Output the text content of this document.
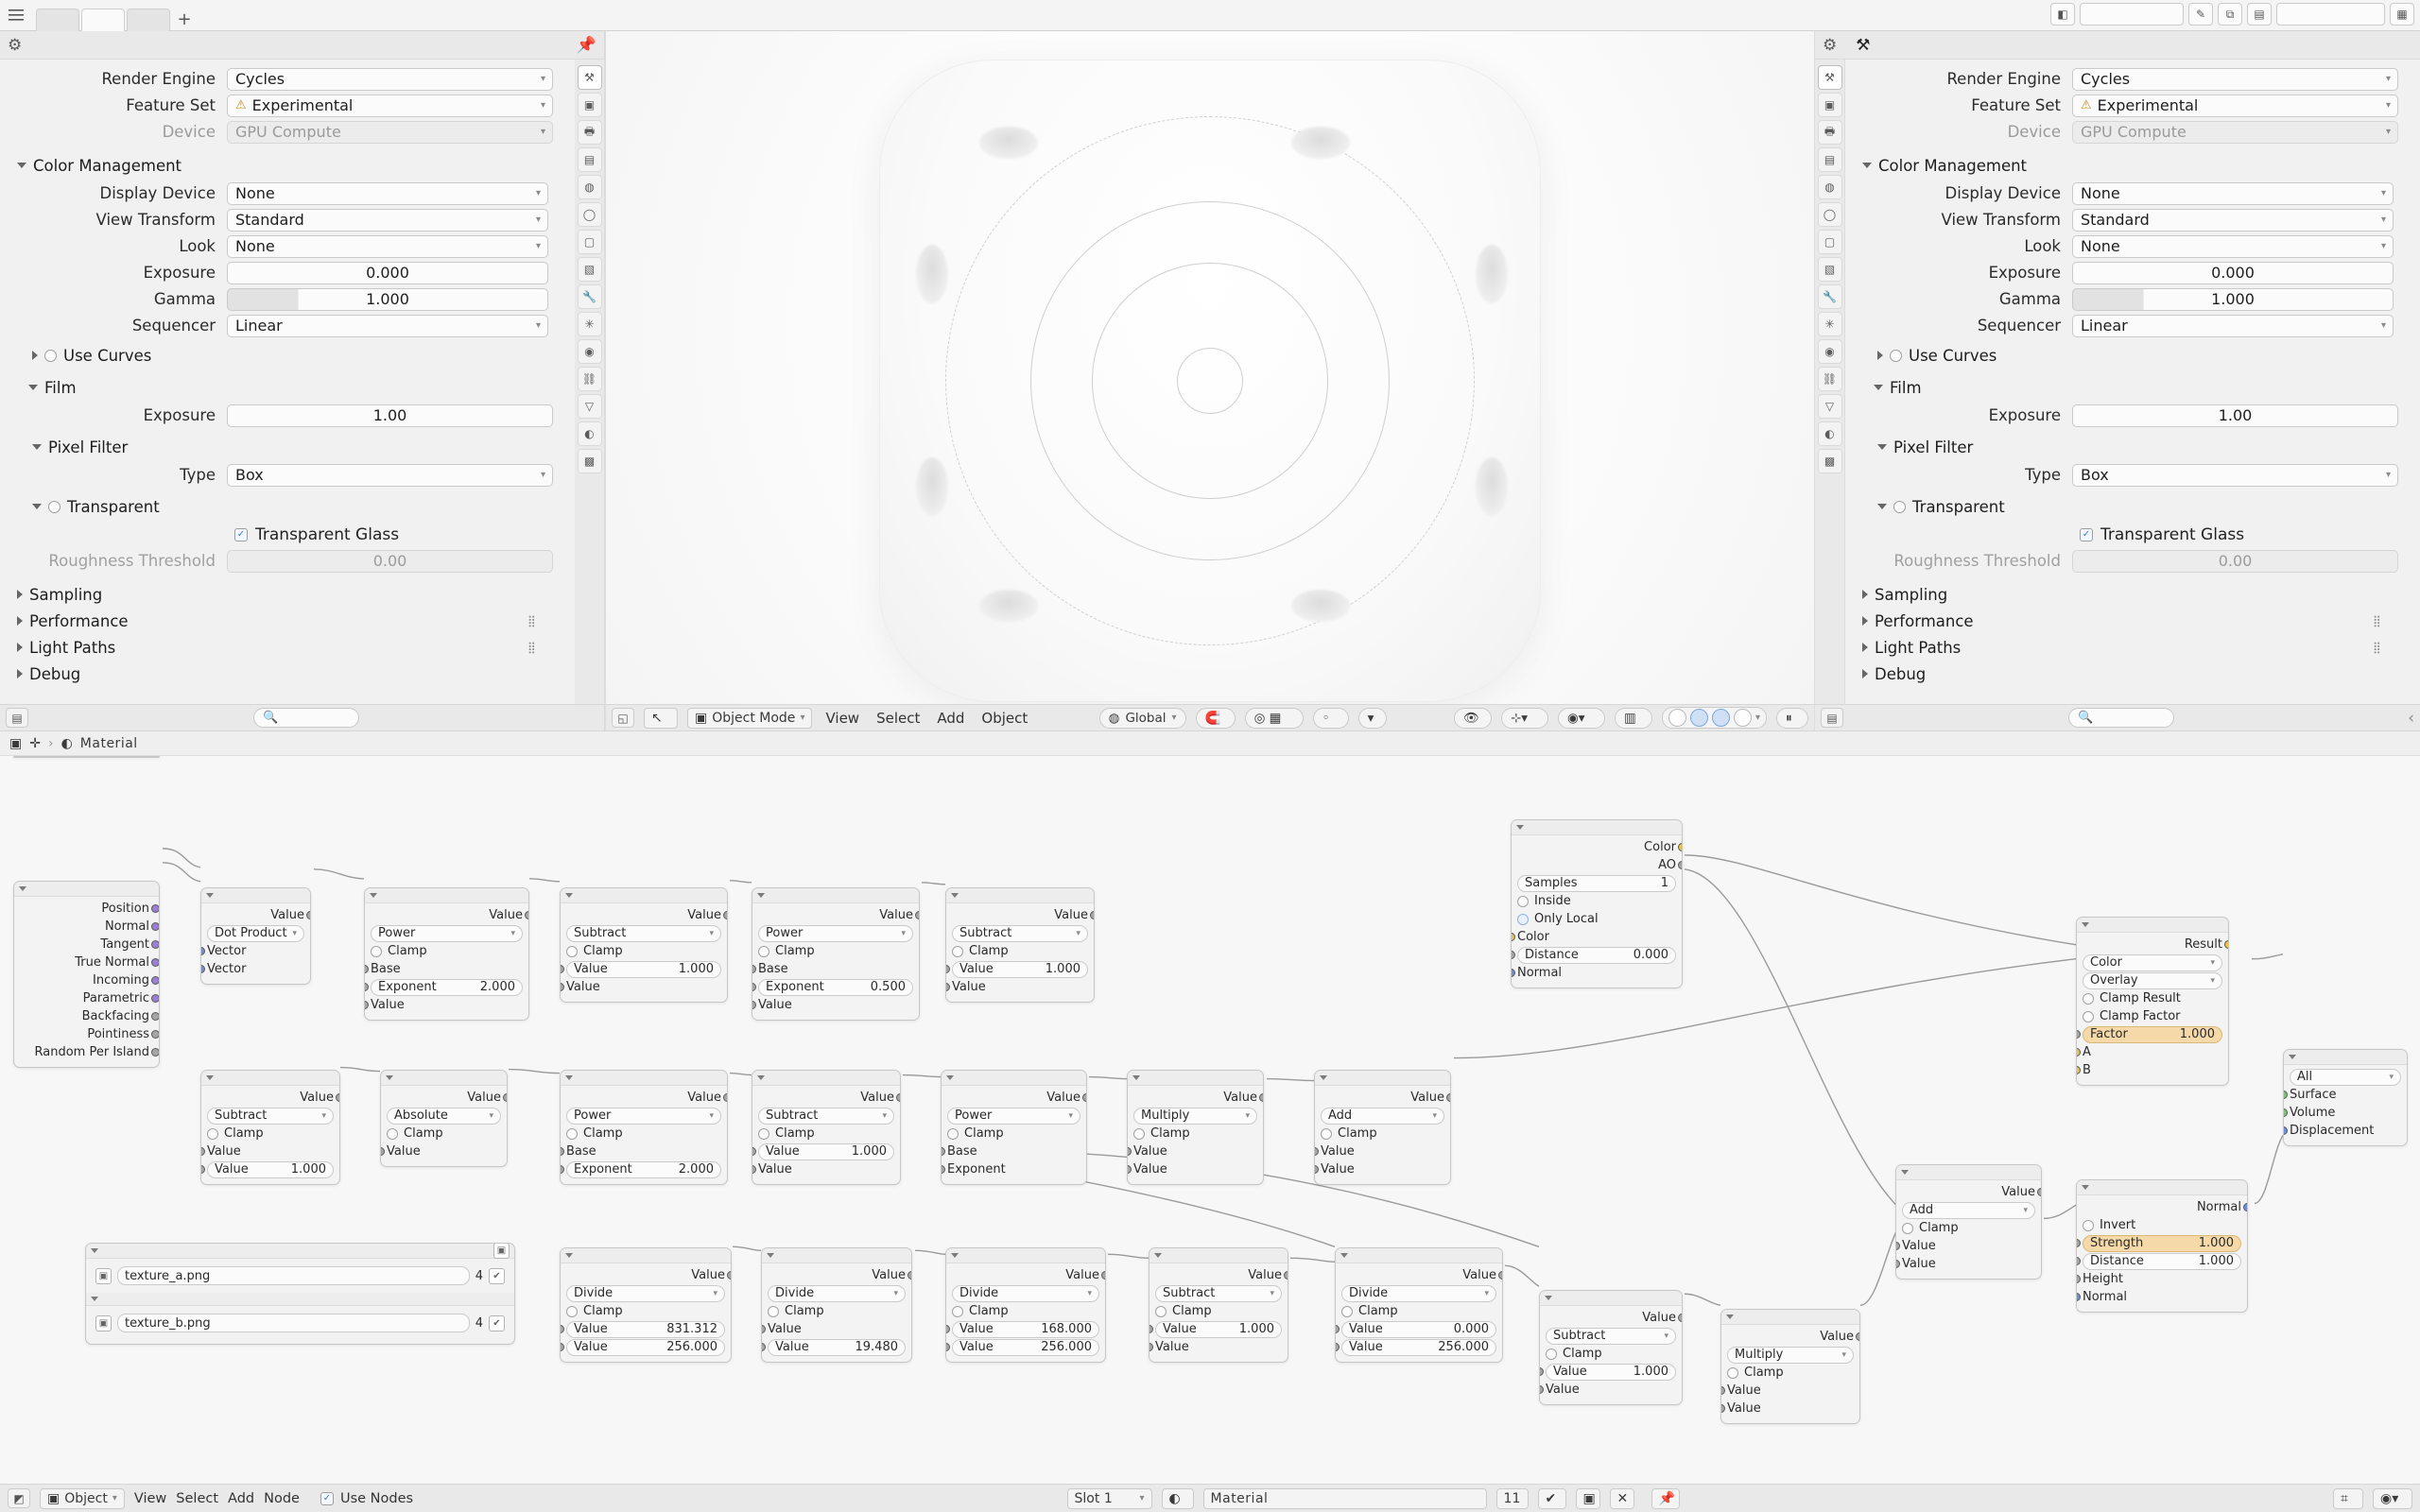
+	◧	✎	⧉	▤	▦
⚙	📌
⚒
▣
🖶
▤
◍
◯
▢
▧
🔧
✳
◉
⛓
▽
◐
▩
Render Engine	Cycles	▾
Feature Set	⚠ Experimental	▾
Device	GPU Compute	▾
Color Management
Display Device	None	▾
View Transform	Standard	▾
Look	None	▾
Exposure	0.000
Gamma	1.000
Sequencer	Linear	▾
Use Curves
Film
Exposure	1.00
Pixel Filter
Type	Box	▾
Transparent
✓ Transparent Glass
Roughness Threshold	0.00
Sampling
Performance	⣿
Light Paths	⣿
Debug
▤	🔍	◱	↖	▣ Object Mode ▾ View Select Add Object	◍ Global ▾	🧲	◎ ▦	◦	▾	👁	⊹▾	◉▾	▥	▾	⏸
⚙ ⚒
⚒
▣
🖶
▤
◍
◯
▢
▧
🔧
✳
◉
⛓
▽
◐
▩
Render Engine	Cycles	▾
Feature Set	⚠ Experimental	▾
Device	GPU Compute	▾
Color Management
Display Device	None	▾
View Transform	Standard	▾
Look	None	▾
Exposure	0.000
Gamma	1.000
Sequencer	Linear	▾
Use Curves
Film
Exposure	1.00
Pixel Filter
Type	Box	▾
Transparent
✓ Transparent Glass
Roughness Threshold	0.00
Sampling
Performance	⣿
Light Paths	⣿
Debug
▤	🔍	‹
▣ ✛ › ◐ Material
Position
Normal
Tangent
True Normal
Incoming
Parametric
Backfacing
Pointiness
Random Per Island
Value
Dot Product ▾
Vector
Vector
Value
Power	▾
Clamp
Base
Exponent	2.000
Value
Value
Subtract	▾
Clamp
Value	1.000
Value
Value
Power	▾
Clamp
Base
Exponent	0.500
Value
Value
Subtract	▾
Clamp
Value	1.000
Value
Value
Subtract	▾
Clamp
Value
Value	1.000
Value
Absolute	▾
Clamp
Value
Value
Power	▾
Clamp
Base
Exponent	2.000
Value
Subtract	▾
Clamp
Value	1.000
Value
Value
Power	▾
Clamp
Base
Exponent
Value
Multiply	▾
Clamp
Value
Value
Value
Add	▾
Clamp
Value
Value
Color
AO
Samples	1
Inside
Only Local
Color
Distance	0.000
Normal
Result
Color	▾
Overlay	▾
Clamp Result
Clamp Factor
Factor	1.000
A
B
Value
Add	▾
Clamp
Value
Value
Normal
Invert
Strength	1.000
Distance	1.000
Height
Normal
All	▾
Surface
Volume
Displacement
Value
Divide	▾
Clamp
Value	831.312
Value	256.000
Value
Divide	▾
Clamp
Value
Value	19.480
Value
Divide	▾
Clamp
Value	168.000
Value	256.000
Value
Subtract	▾
Clamp
Value	1.000
Value
Value
Divide	▾
Clamp
Value	0.000
Value	256.000
Value
Subtract	▾
Clamp
Value	1.000
Value
Value
Multiply	▾
Clamp
Value
Value
▣
▣ texture_a.png	4	✔
▣ texture_b.png	4	✔
◩	▣ Object ▾ View Select Add Node ✓ Use Nodes	Slot 1	▾	◐	Material	11	✔	▣	✕	📌	⌗	◉▾
